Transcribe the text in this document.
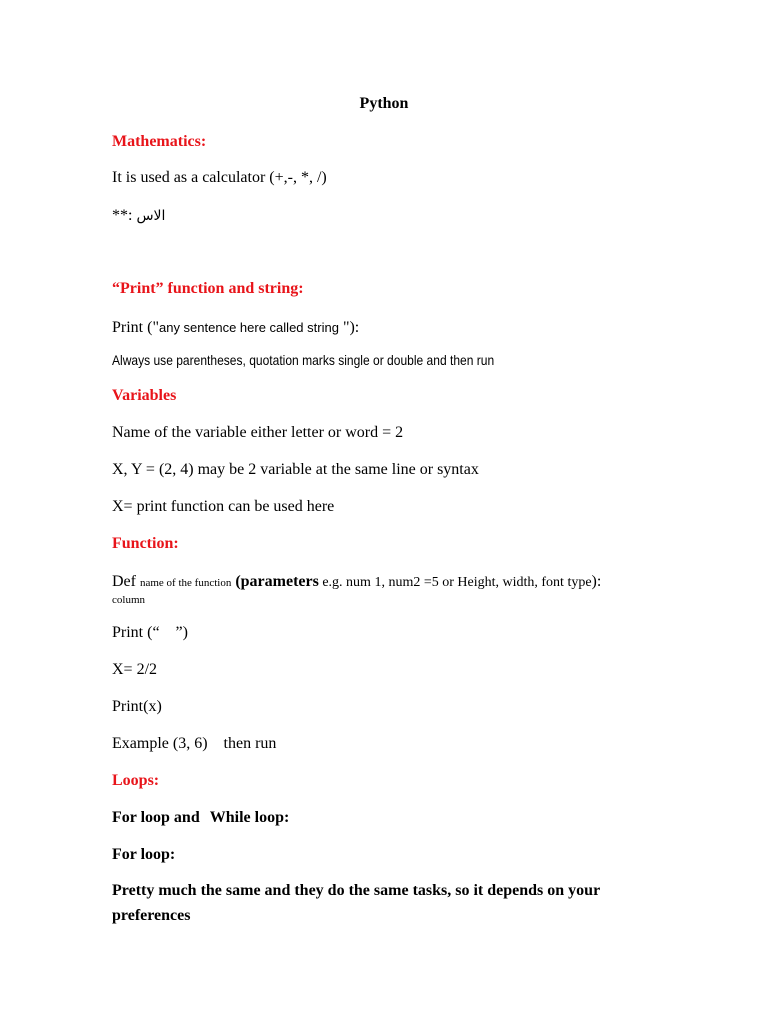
Python
Mathematics:
It is used as a calculator (+,-, *, /)
**: الاس
“Print” function and string:
Print ("any sentence here called string "):
Always use parentheses, quotation marks single or double and then run
Variables
Name of the variable either letter or word = 2
X, Y = (2, 4) may be 2 variable at the same line or syntax
X= print function can be used here
Function:
Def name of the function (parameters e.g. num 1, num2 =5 or Height, width, font type):
column
Print (“ ”)
X= 2/2
Print(x)
Example (3, 6) then run
Loops:
For loop and While loop:
For loop:
Pretty much the same and they do the same tasks, so it depends on your
preferences
